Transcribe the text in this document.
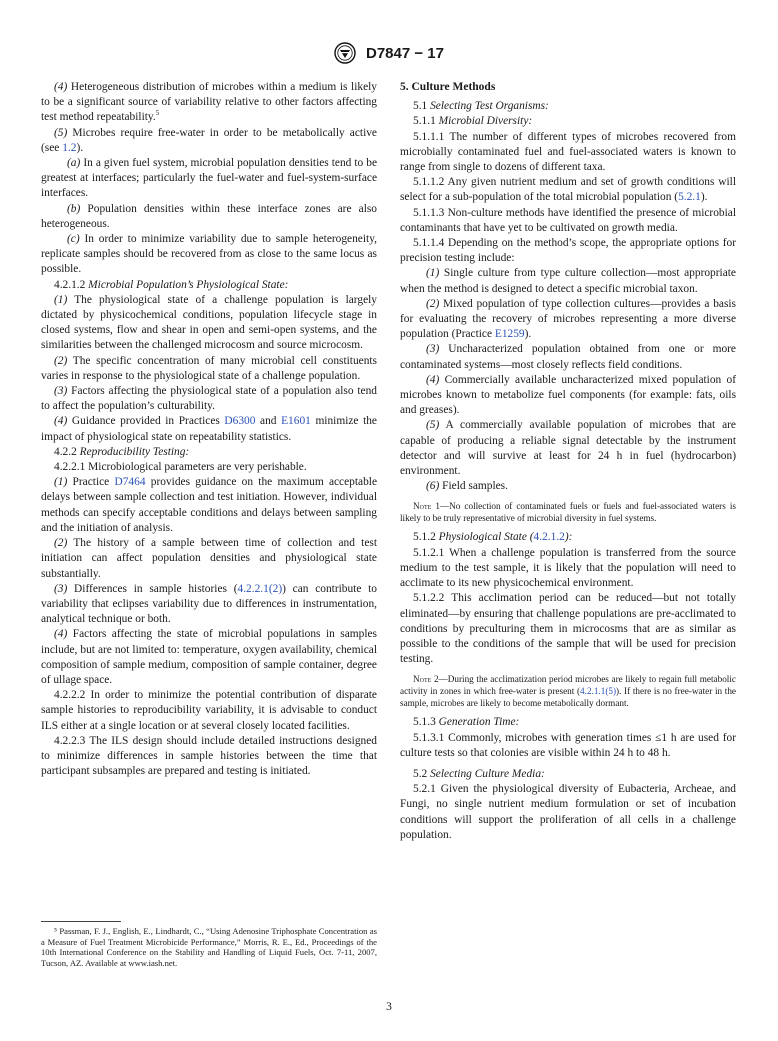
D7847 − 17

(4) Heterogeneous distribution of microbes within a medium is likely to be a significant source of variability relative to other factors affecting test method repeatability.$^5$

(5) Microbes require free-water in order to be metabolically active (see 1.2).

(a) In a given fuel system, microbial population densities tend to be greatest at interfaces; particularly the fuel-water and fuel-system-surface interfaces.

(b) Population densities within these interface zones are also heterogeneous.

(c) In order to minimize variability due to sample heterogeneity, replicate samples should be recovered from as close to the same locus as possible.

4.2.1.2 Microbial Population’s Physiological State:

(1) The physiological state of a challenge population is largely dictated by physicochemical conditions, population lifecycle stage in closed systems, flow and shear in open and semi-open systems, and the similarities between the challenged microcosm and source microcosm.

(2) The specific concentration of many microbial cell constituents varies in response to the physiological state of a challenge population.

(3) Factors affecting the physiological state of a population also tend to affect the population’s culturability.

(4) Guidance provided in Practices D6300 and E1601 minimize the impact of physiological state on repeatability statistics.

4.2.2 Reproducibility Testing:

4.2.2.1 Microbiological parameters are very perishable.

(1) Practice D7464 provides guidance on the maximum acceptable delays between sample collection and test initiation. However, individual methods can specify acceptable conditions and delays between sampling and the initiation of analysis.

(2) The history of a sample between time of collection and test initiation can affect population densities and physiological state substantially.

(3) Differences in sample histories (4.2.2.1(2)) can contribute to variability that eclipses variability due to differences in instrumentation, analytical technique or both.

(4) Factors affecting the state of microbial populations in samples include, but are not limited to: temperature, oxygen availability, chemical composition of sample medium, composition of sample container, degree of ullage space.

4.2.2.2 In order to minimize the potential contribution of disparate sample histories to reproducibility variability, it is advisable to conduct ILS either at a single location or at several closely located facilities.

4.2.2.3 The ILS design should include detailed instructions designed to minimize differences in sample histories between the time that participant subsamples are prepared and testing is initiated.

⁵ Passman, F. J., English, E., Lindhardt, C., “Using Adenosine Triphosphate Concentration as a Measure of Fuel Treatment Microbicide Performance,” Morris, R. E., Ed., Proceedings of the 10th International Conference on the Stability and Handling of Liquid Fuels, Oct. 7-11, 2007, Tucson, AZ. Available at www.iash.net.

5. Culture Methods

5.1 Selecting Test Organisms:

5.1.1 Microbial Diversity:

5.1.1.1 The number of different types of microbes recovered from microbially contaminated fuel and fuel-associated waters is known to range from single to dozens of different taxa.

5.1.1.2 Any given nutrient medium and set of growth conditions will select for a sub-population of the total microbial population (5.2.1).

5.1.1.3 Non-culture methods have identified the presence of microbial contaminants that have yet to be cultivated on growth media.

5.1.1.4 Depending on the method’s scope, the appropriate options for precision testing include:

(1) Single culture from type culture collection—most appropriate when the method is designed to detect a specific microbial taxon.

(2) Mixed population of type collection cultures—provides a basis for evaluating the recovery of microbes representing a more diverse population (Practice E1259).

(3) Uncharacterized population obtained from one or more contaminated systems—most closely reflects field conditions.

(4) Commercially available uncharacterized mixed population of microbes known to metabolize fuel components (for example: fats, oils and greases).

(5) A commercially available population of microbes that are capable of producing a reliable signal detectable by the instrument detector and will survive at least for 24 h in fuel (hydrocarbon) environment.

(6) Field samples.

Note 1—No collection of contaminated fuels or fuels and fuel-associated waters is likely to be truly representative of microbial diversity in fuel systems.

5.1.2 Physiological State (4.2.1.2):

5.1.2.1 When a challenge population is transferred from the source medium to the test sample, it is likely that the population will need to acclimate to its new physicochemical environment.

5.1.2.2 This acclimation period can be reduced—but not totally eliminated—by ensuring that challenge populations are pre-acclimated to conditions by preculturing them in microcosms that are as similar as possible to the conditions of the sample that will be used for precision testing.

Note 2—During the acclimatization period microbes are likely to regain full metabolic activity in zones in which free-water is present (4.2.1.1(5)). If there is no free-water in the sample, microbes are likely to become metabolically dormant.

5.1.3 Generation Time:

5.1.3.1 Commonly, microbes with generation times ≤1 h are used for culture tests so that colonies are visible within 24 h to 48 h.

5.2 Selecting Culture Media:

5.2.1 Given the physiological diversity of Eubacteria, Archeae, and Fungi, no single nutrient medium formulation or set of incubation conditions will support the proliferation of all cells in a challenge population.

3
